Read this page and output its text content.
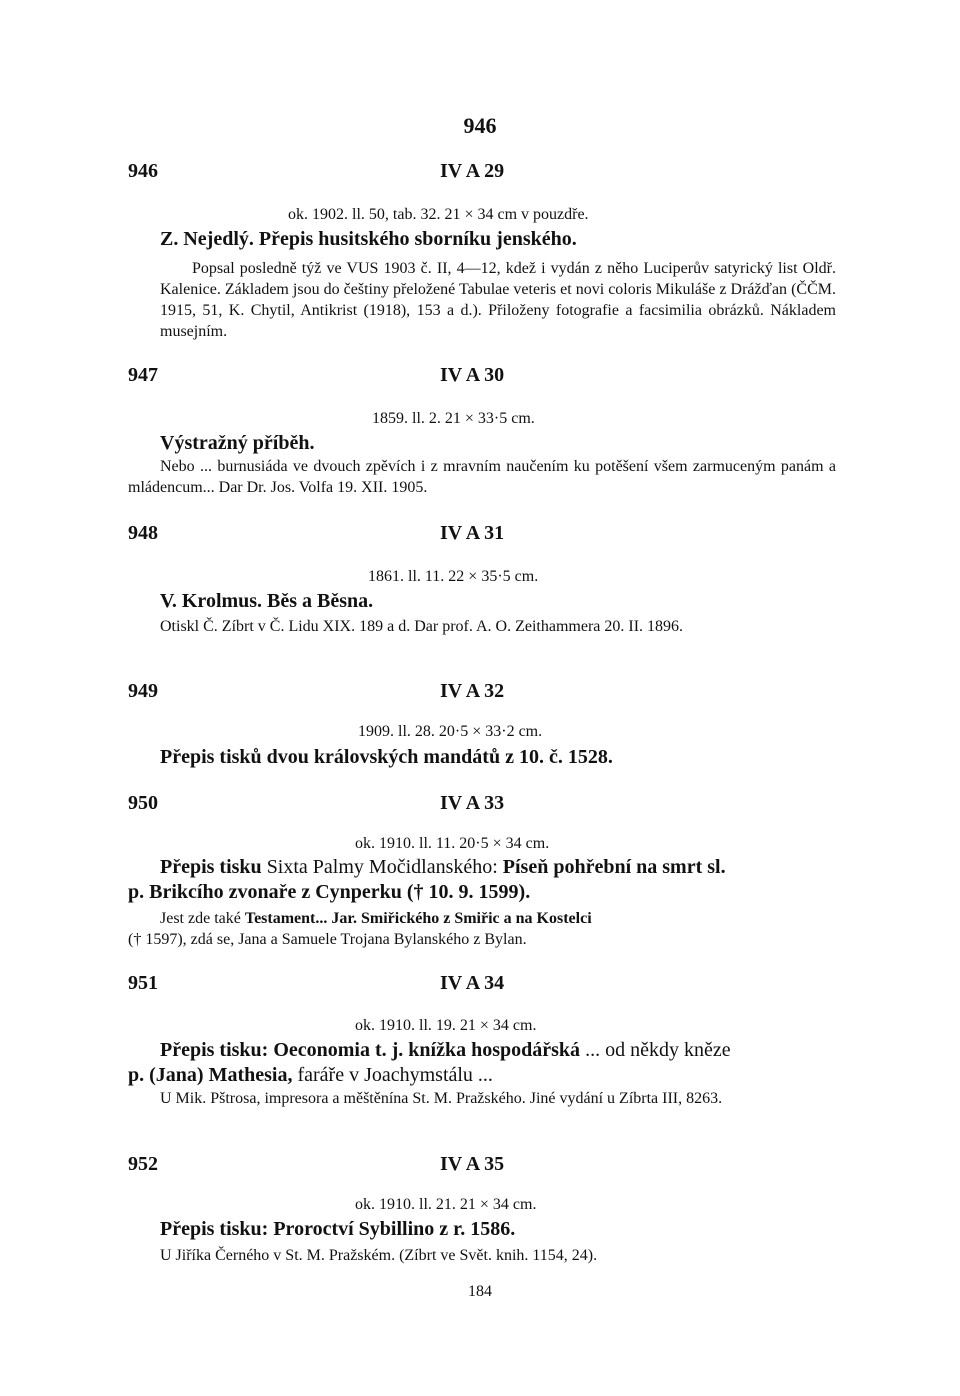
946
946	IV A 29
ok. 1902. ll. 50, tab. 32. 21 × 34 cm v pouzdře.
Z. Nejedlý. Přepis husitského sborníku jenského.
Popsal posledně týž ve VUS 1903 č. II, 4—12, kdež i vydán z něho Luciperův satyrický list Oldř. Kalenice. Základem jsou do češtiny přeložené Tabulae veteris et novi coloris Mikuláše z Drážďan (ČČM. 1915, 51, K. Chytil, Antikrist (1918), 153 a d.). Přiloženy fotografie a facsimilia obrázků. Nákladem musejním.
947	IV A 30
1859. ll. 2. 21 × 33·5 cm.
Výstražný příběh.
Nebo ... burnusiáda ve dvouch zpěvích i z mravním naučením ku potěšení všem zarmuceným panám a mládencum... Dar Dr. Jos. Volfa 19. XII. 1905.
948	IV A 31
1861. ll. 11. 22 × 35·5 cm.
V. Krolmus. Běs a Běsna.
Otiskl Č. Zíbrt v Č. Lidu XIX. 189 a d. Dar prof. A. O. Zeithammera 20. II. 1896.
949	IV A 32
1909. ll. 28. 20·5 × 33·2 cm.
Přepis tisků dvou královských mandátů z 10. č. 1528.
950	IV A 33
ok. 1910. ll. 11. 20·5 × 34 cm.
Přepis tisku Sixta Palmy Močidlanského: Píseň pohřební na smrt sl.
p. Brikcího zvonaře z Cynperku († 10. 9. 1599).
Jest zde také Testament... Jar. Smiřického z Smiřic a na Kostelci
(† 1597), zdá se, Jana a Samuele Trojana Bylanského z Bylan.
951	IV A 34
ok. 1910. ll. 19. 21 × 34 cm.
Přepis tisku: Oeconomia t. j. knížka hospodářská ... od někdy kněze
p. (Jana) Mathesia, faráře v Joachymstálu ...
U Mik. Pštrosa, impresora a měštěnína St. M. Pražského. Jiné vydání u Zíbrta III, 8263.
952	IV A 35
ok. 1910. ll. 21. 21 × 34 cm.
Přepis tisku: Proroctví Sybillino z r. 1586.
U Jiříka Černého v St. M. Pražském. (Zíbrt ve Svět. knih. 1154, 24).
184
